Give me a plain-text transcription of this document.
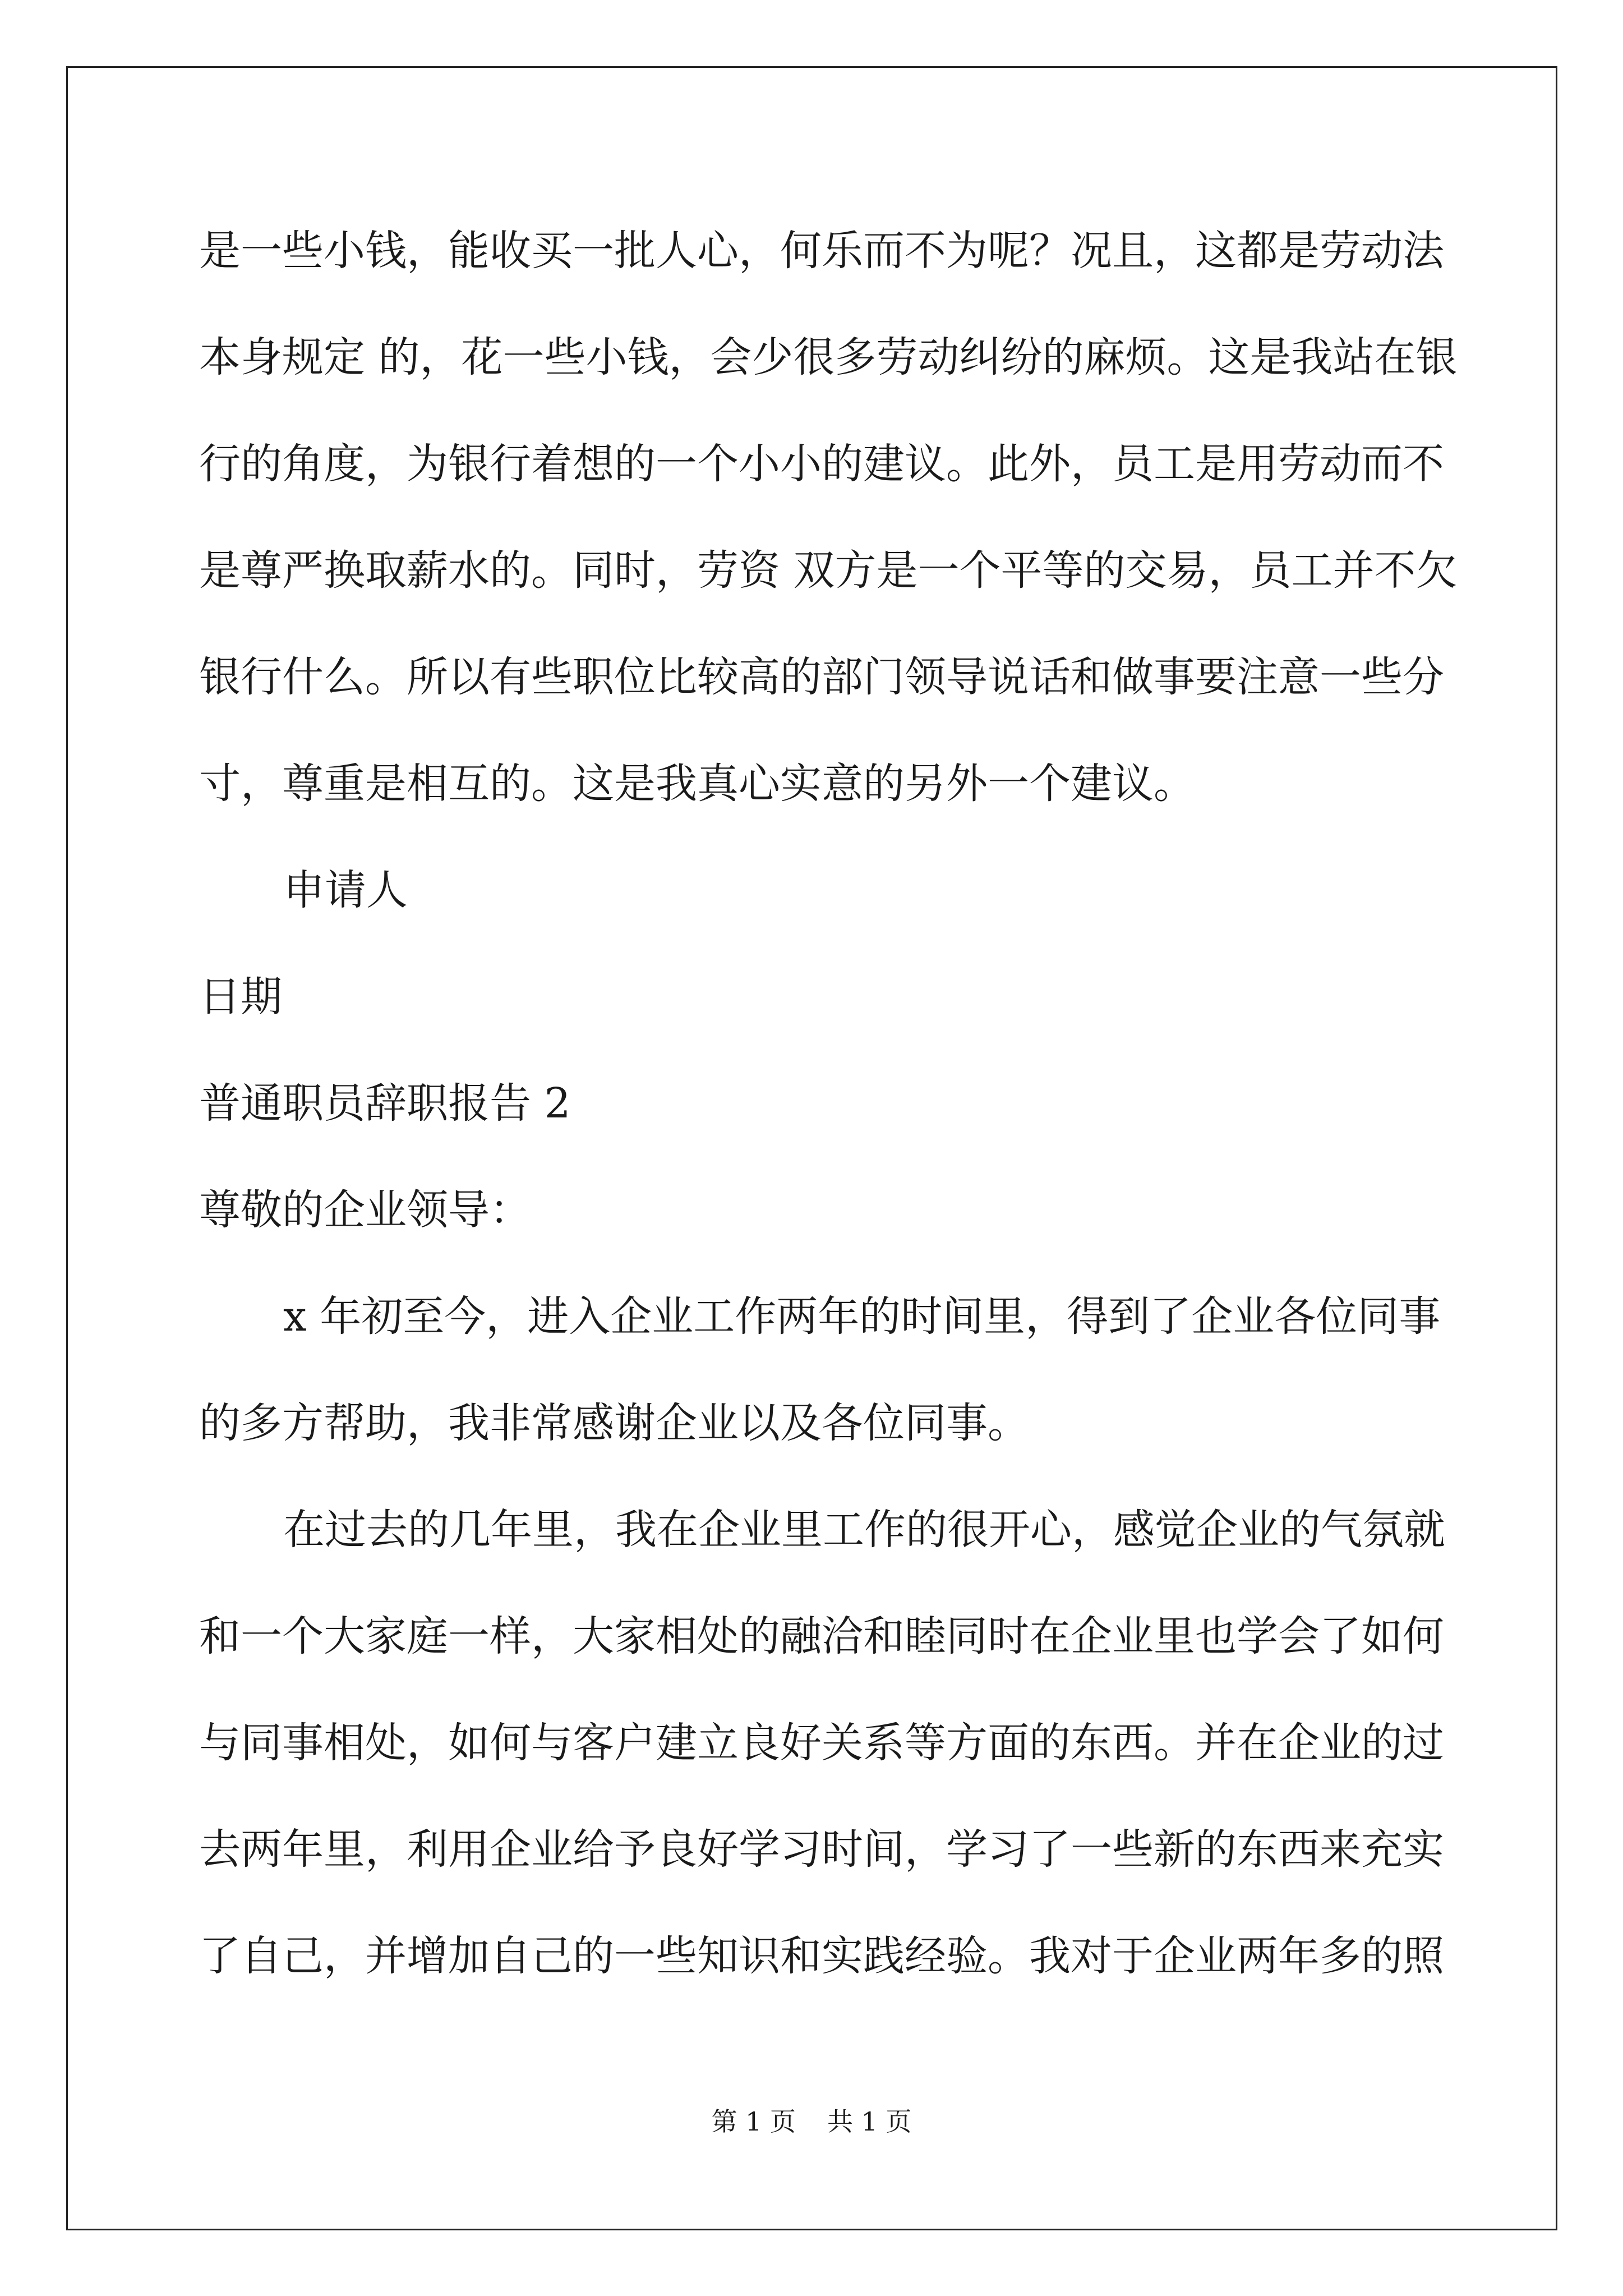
是一些小钱，能收买一批人心，何乐而不为呢？况且，这都是劳动法
本身规定 的，花一些小钱，会少很多劳动纠纷的麻烦。这是我站在银
行的角度，为银行着想的一个小小的建议。此外，员工是用劳动而不
是尊严换取薪水的。同时，劳资 双方是一个平等的交易，员工并不欠
银行什么。所以有些职位比较高的部门领导说话和做事要注意一些分
寸，尊重是相互的。这是我真心实意的另外一个建议。
申请人
日期
普通职员辞职报告 2
尊敬的企业领导：
x 年初至今，进入企业工作两年的时间里，得到了企业各位同事
的多方帮助，我非常感谢企业以及各位同事。
在过去的几年里，我在企业里工作的很开心，感觉企业的气氛就
和一个大家庭一样，大家相处的融洽和睦同时在企业里也学会了如何
与同事相处，如何与客户建立良好关系等方面的东西。并在企业的过
去两年里，利用企业给予良好学习时间，学习了一些新的东西来充实
了自己，并增加自己的一些知识和实践经验。我对于企业两年多的照
第 1 页 共 1 页
